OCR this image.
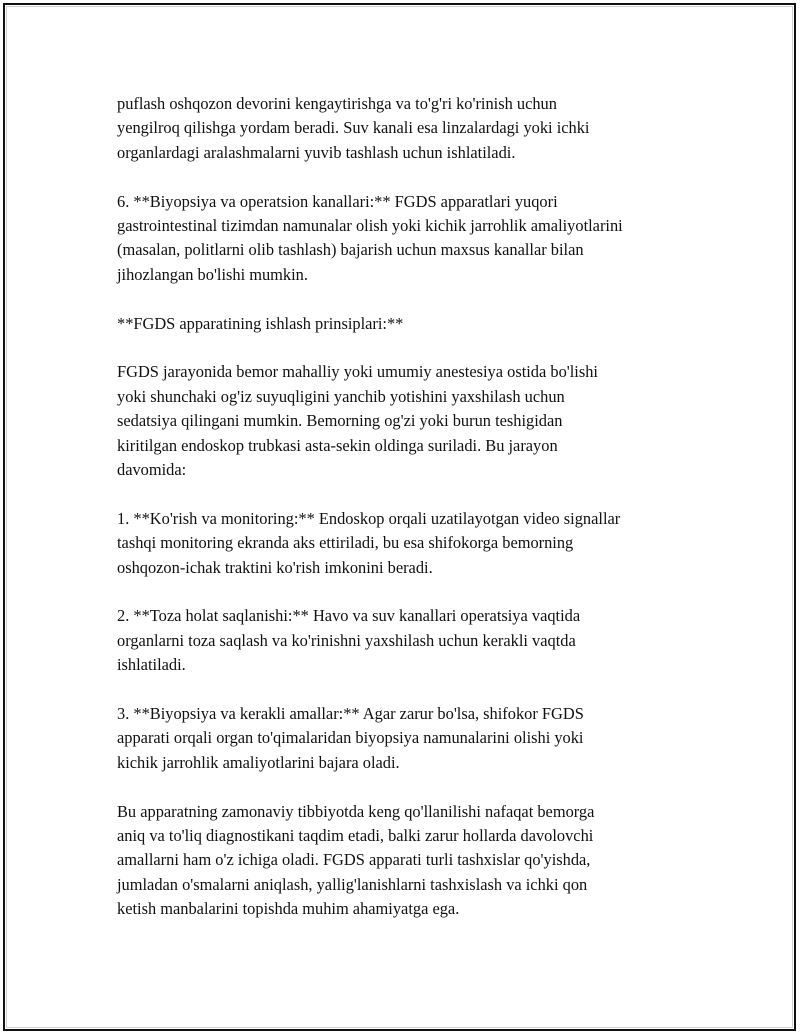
puflash oshqozon devorini kengaytirishga va to'g'ri ko'rinish uchun
yengilroq qilishga yordam beradi. Suv kanali esa linzalardagi yoki ichki
organlardagi aralashmalarni yuvib tashlash uchun ishlatiladi.

6. **Biyopsiya va operatsion kanallari:** FGDS apparatlari yuqori
gastrointestinal tizimdan namunalar olish yoki kichik jarrohlik amaliyotlarini
(masalan, politlarni olib tashlash) bajarish uchun maxsus kanallar bilan
jihozlangan bo'lishi mumkin.

**FGDS apparatining ishlash prinsiplari:**

FGDS jarayonida bemor mahalliy yoki umumiy anestesiya ostida bo'lishi
yoki shunchaki og'iz suyuqligini yanchib yotishini yaxshilash uchun
sedatsiya qilingani mumkin. Bemorning og'zi yoki burun teshigidan
kiritilgan endoskop trubkasi asta-sekin oldinga suriladi. Bu jarayon
davomida:

1. **Ko'rish va monitoring:** Endoskop orqali uzatilayotgan video signallar
tashqi monitoring ekranda aks ettiriladi, bu esa shifokorga bemorning
oshqozon-ichak traktini ko'rish imkonini beradi.

2. **Toza holat saqlanishi:** Havo va suv kanallari operatsiya vaqtida
organlarni toza saqlash va ko'rinishni yaxshilash uchun kerakli vaqtda
ishlatiladi.

3. **Biyopsiya va kerakli amallar:** Agar zarur bo'lsa, shifokor FGDS
apparati orqali organ to'qimalaridan biyopsiya namunalarini olishi yoki
kichik jarrohlik amaliyotlarini bajara oladi.

Bu apparatning zamonaviy tibbiyotda keng qo'llanilishi nafaqat bemorga
aniq va to'liq diagnostikani taqdim etadi, balki zarur hollarda davolovchi
amallarni ham o'z ichiga oladi. FGDS apparati turli tashxislar qo'yishda,
jumladan o'smalarni aniqlash, yallig'lanishlarni tashxislash va ichki qon
ketish manbalarini topishda muhim ahamiyatga ega.
